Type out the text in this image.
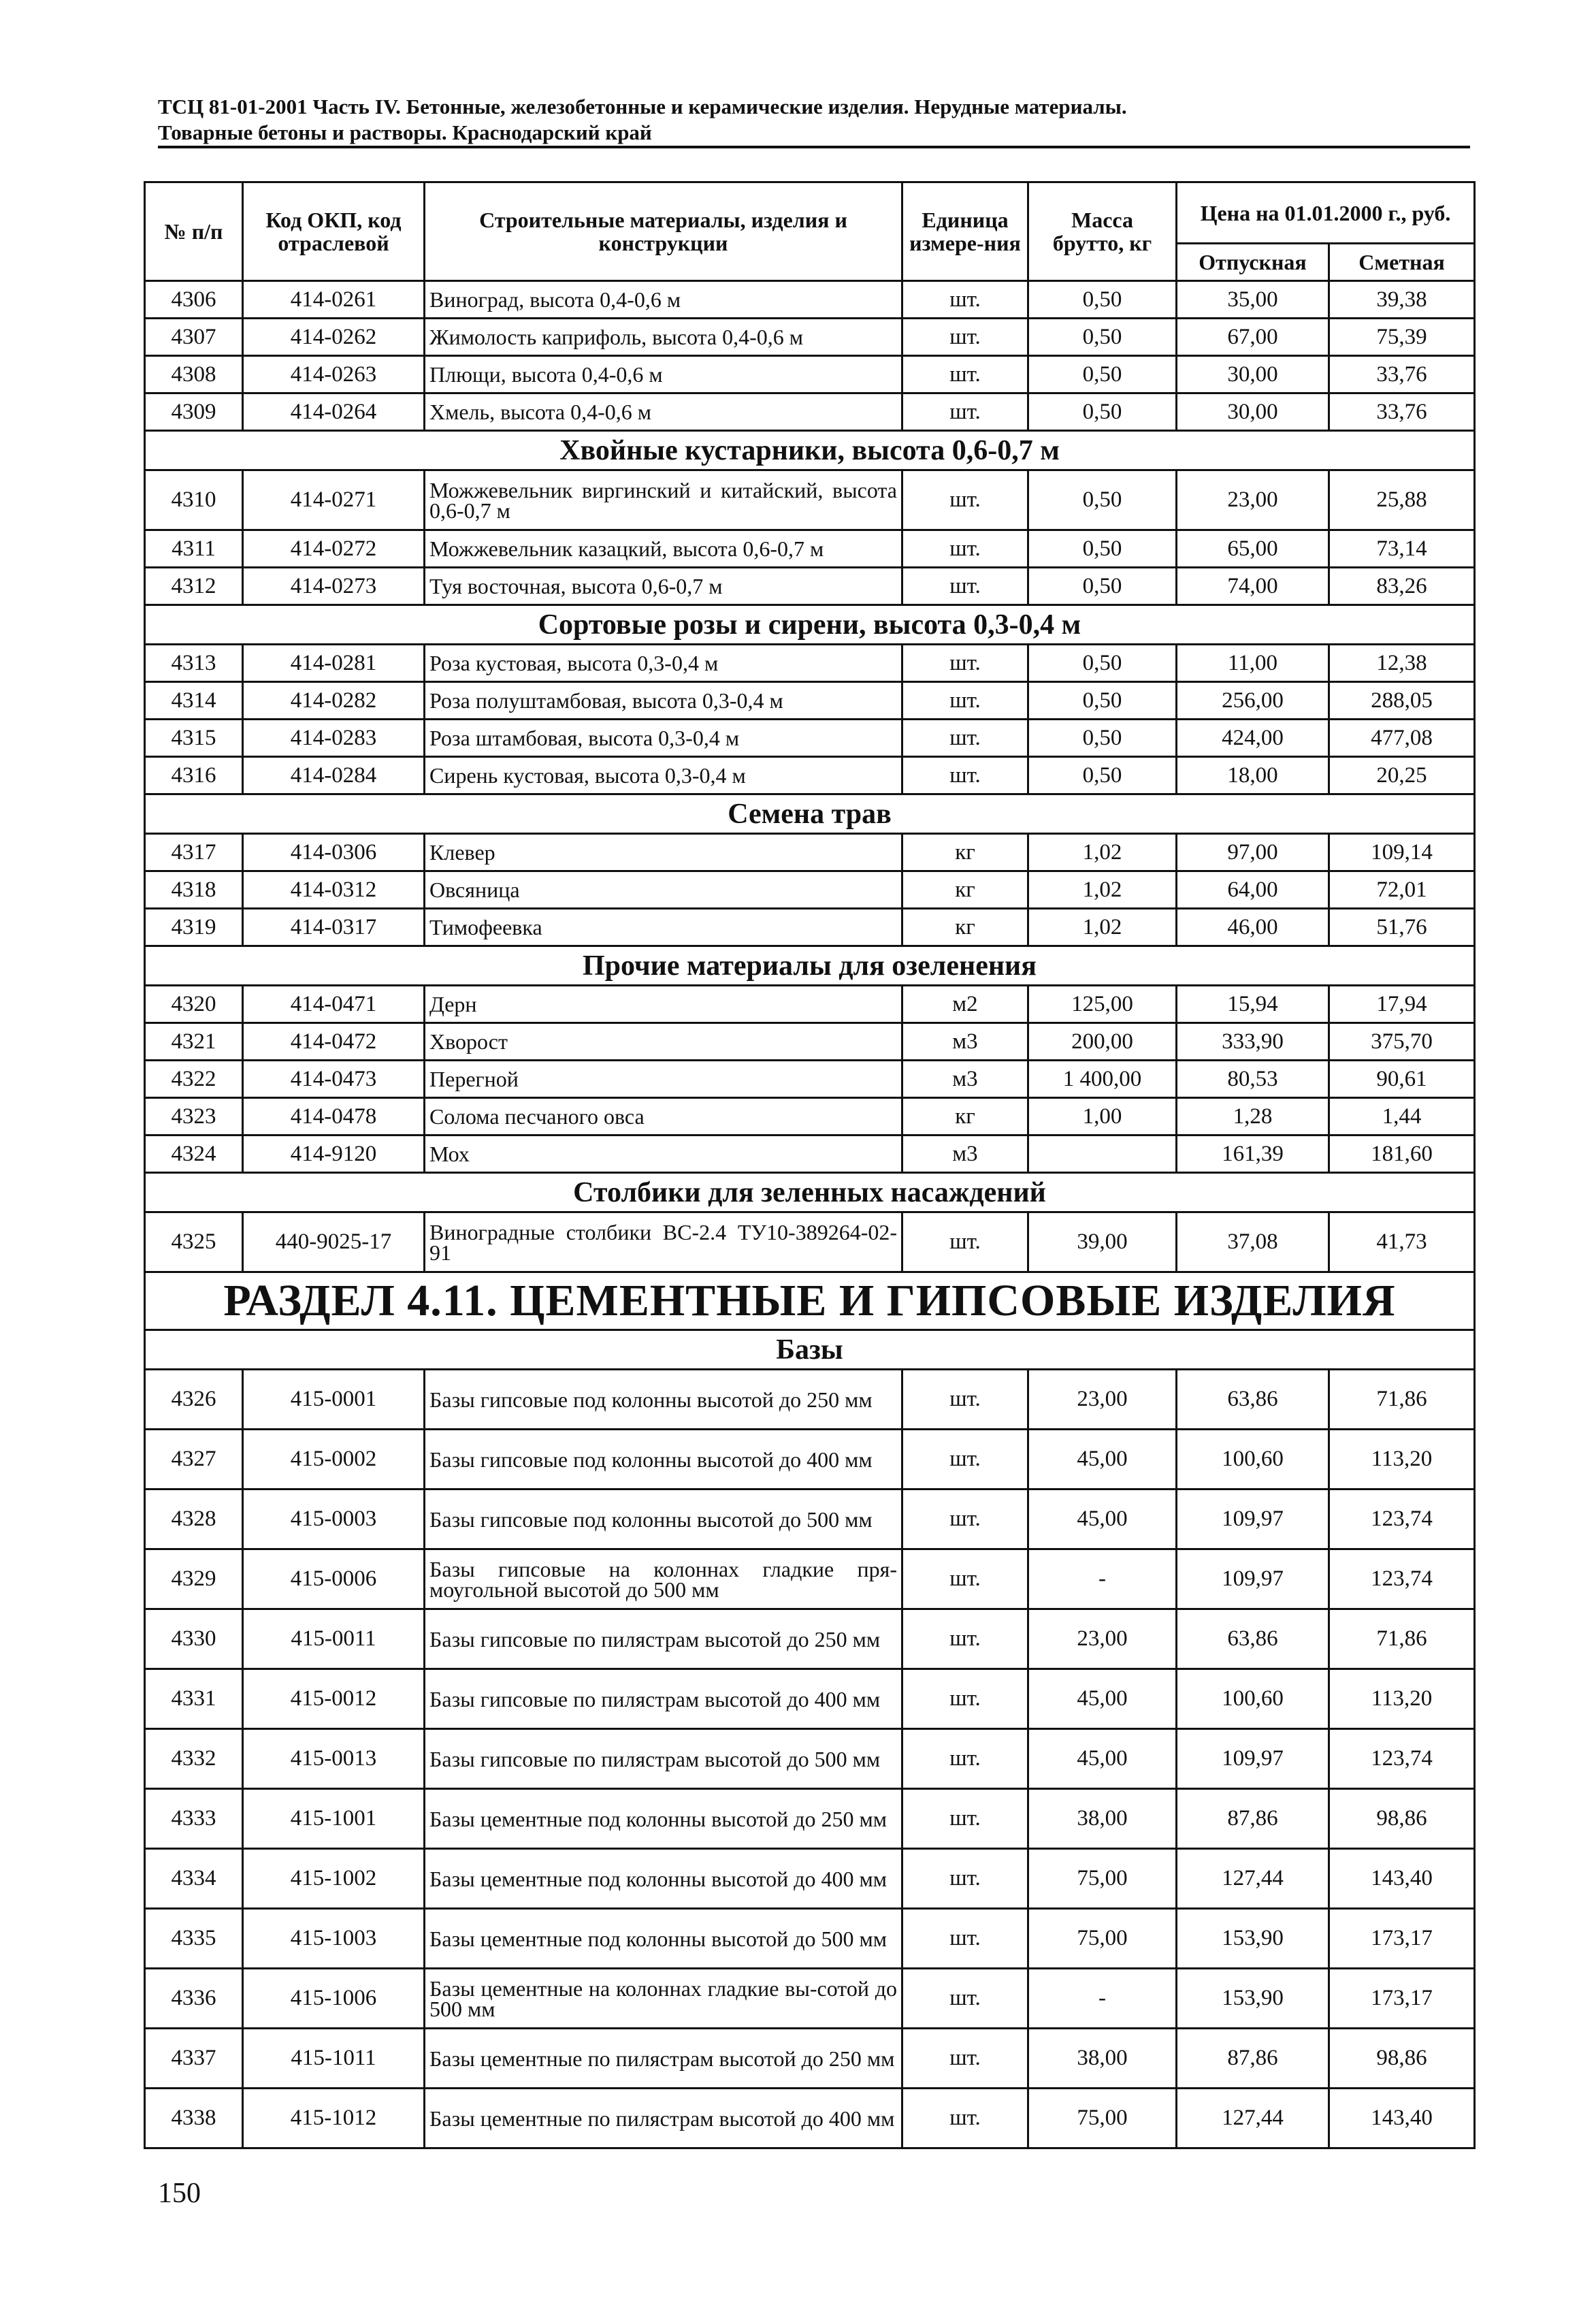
ТСЦ 81-01-2001 Часть IV. Бетонные, железобетонные и керамические изделия. Нерудные материалы.
Товарные бетоны и растворы. Краснодарский край
№ п/п	Код ОКП, код отраслевой	Строительные материалы, изделия и конструкции	Единица измере-ния	Масса брутто, кг	Цена на 01.01.2000 г., руб.	
					Отпускная	Сметная
4306	414-0261	Виноград, высота 0,4-0,6 м	шт.	0,50	35,00	39,38
4307	414-0262	Жимолость каприфоль, высота 0,4-0,6 м	шт.	0,50	67,00	75,39
4308	414-0263	Плющи, высота 0,4-0,6 м	шт.	0,50	30,00	33,76
4309	414-0264	Хмель, высота 0,4-0,6 м	шт.	0,50	30,00	33,76
Хвойные кустарники, высота 0,6-0,7 м						
4310	414-0271	Можжевельник виргинский и китайский, высота 0,6-0,7 м	шт.	0,50	23,00	25,88
4311	414-0272	Можжевельник казацкий, высота 0,6-0,7 м	шт.	0,50	65,00	73,14
4312	414-0273	Туя восточная, высота 0,6-0,7 м	шт.	0,50	74,00	83,26
Сортовые розы и сирени, высота 0,3-0,4 м						
4313	414-0281	Роза кустовая, высота 0,3-0,4 м	шт.	0,50	11,00	12,38
4314	414-0282	Роза полуштамбовая, высота 0,3-0,4 м	шт.	0,50	256,00	288,05
4315	414-0283	Роза штамбовая, высота 0,3-0,4 м	шт.	0,50	424,00	477,08
4316	414-0284	Сирень кустовая, высота 0,3-0,4 м	шт.	0,50	18,00	20,25
Семена трав						
4317	414-0306	Клевер	кг	1,02	97,00	109,14
4318	414-0312	Овсяница	кг	1,02	64,00	72,01
4319	414-0317	Тимофеевка	кг	1,02	46,00	51,76
Прочие материалы для озеленения						
4320	414-0471	Дерн	м2	125,00	15,94	17,94
4321	414-0472	Хворост	м3	200,00	333,90	375,70
4322	414-0473	Перегной	м3	1 400,00	80,53	90,61
4323	414-0478	Солома песчаного овса	кг	1,00	1,28	1,44
4324	414-9120	Мох	м3		161,39	181,60
Столбики для зеленных насаждений						
4325	440-9025-17	Виноградные столбики ВС-2.4 ТУ10-389264-02-91	шт.	39,00	37,08	41,73
РАЗДЕЛ 4.11. ЦЕМЕНТНЫЕ И ГИПСОВЫЕ ИЗДЕЛИЯ						
Базы						
4326	415-0001	Базы гипсовые под колонны высотой до 250 мм	шт.	23,00	63,86	71,86
4327	415-0002	Базы гипсовые под колонны высотой до 400 мм	шт.	45,00	100,60	113,20
4328	415-0003	Базы гипсовые под колонны высотой до 500 мм	шт.	45,00	109,97	123,74
4329	415-0006	Базы гипсовые на колоннах гладкие пря-моугольной высотой до 500 мм	шт.	-	109,97	123,74
4330	415-0011	Базы гипсовые по пилястрам высотой до 250 мм	шт.	23,00	63,86	71,86
4331	415-0012	Базы гипсовые по пилястрам высотой до 400 мм	шт.	45,00	100,60	113,20
4332	415-0013	Базы гипсовые по пилястрам высотой до 500 мм	шт.	45,00	109,97	123,74
4333	415-1001	Базы цементные под колонны высотой до 250 мм	шт.	38,00	87,86	98,86
4334	415-1002	Базы цементные под колонны высотой до 400 мм	шт.	75,00	127,44	143,40
4335	415-1003	Базы цементные под колонны высотой до 500 мм	шт.	75,00	153,90	173,17
4336	415-1006	Базы цементные на колоннах гладкие вы-сотой до 500 мм	шт.	-	153,90	173,17
4337	415-1011	Базы цементные по пилястрам высотой до 250 мм	шт.	38,00	87,86	98,86
4338	415-1012	Базы цементные по пилястрам высотой до 400 мм	шт.	75,00	127,44	143,40
150
